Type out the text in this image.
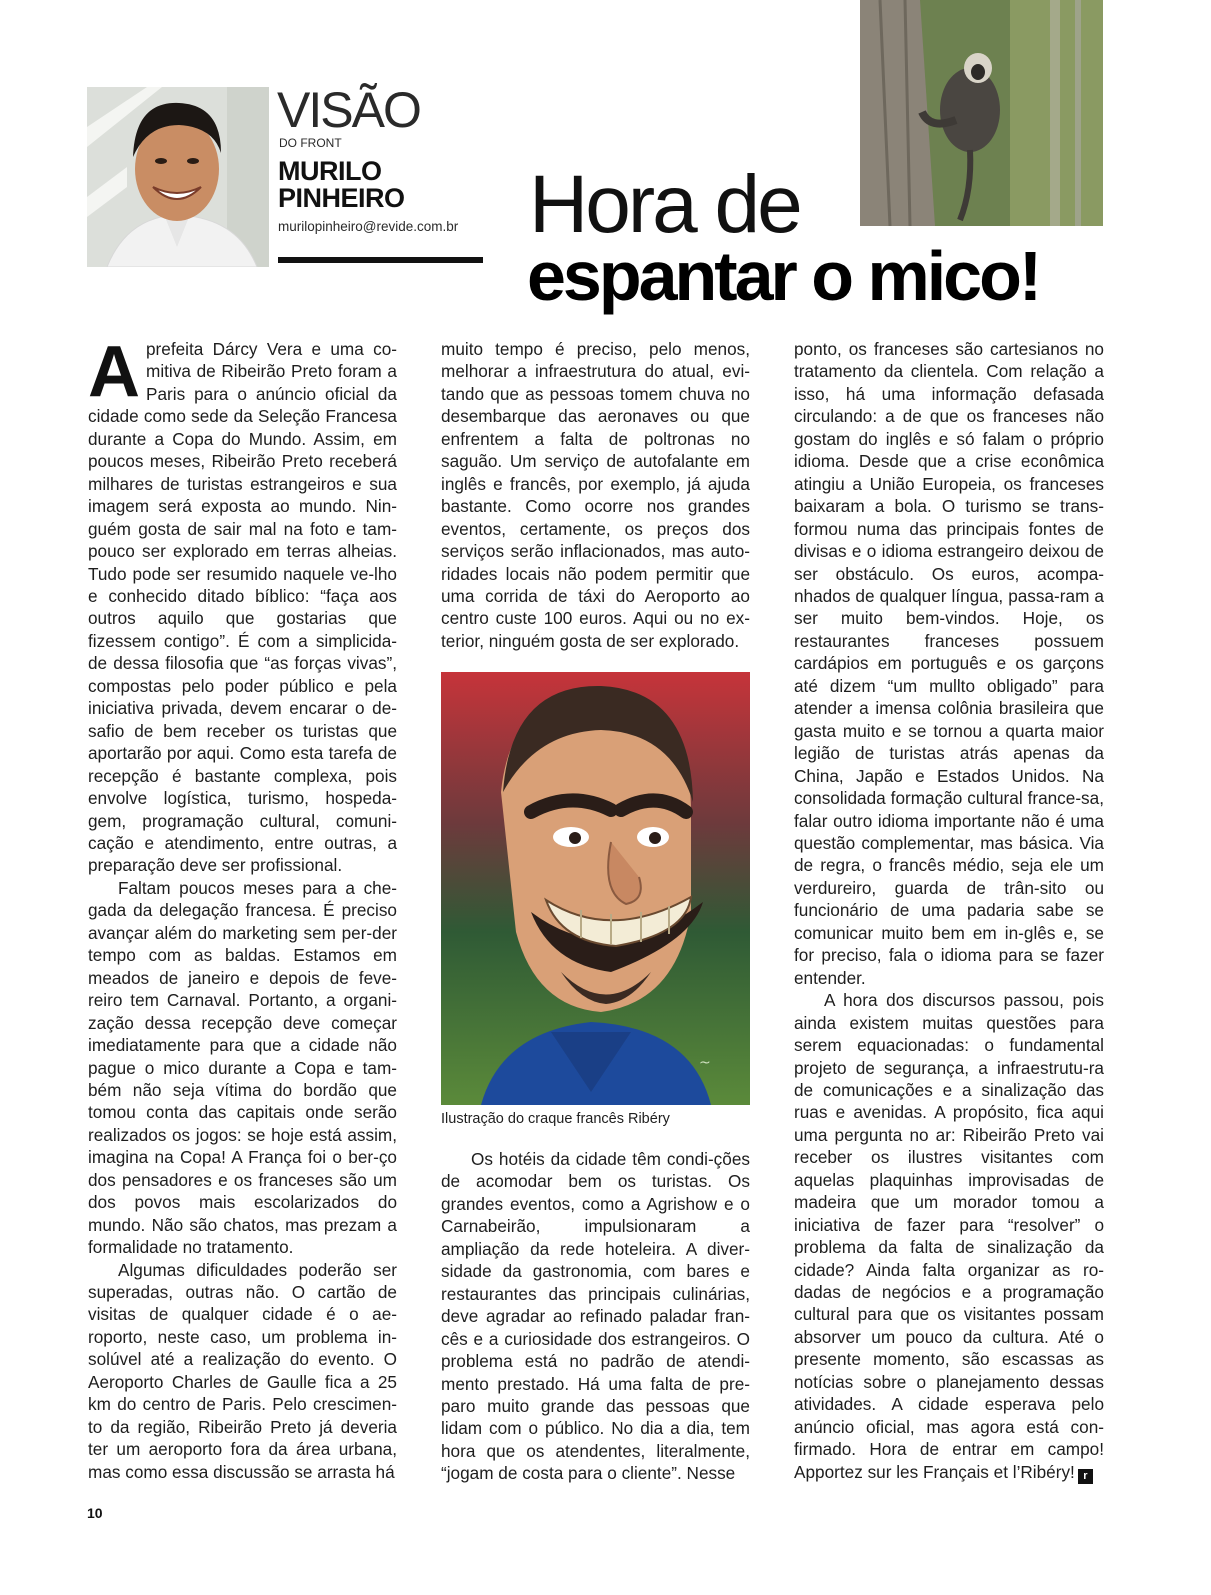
VISÃO
DO FRONT
MURILO
PINHEIRO
murilopinheiro@revide.com.br Hora de
espantar o mico!

Aprefeita Dárcy Vera e uma co-mitiva de Ribeirão Preto foram a Paris para o anúncio oficial da cidade como sede da Seleção Francesa durante a Copa do Mundo. Assim, em poucos meses, Ribeirão Preto receberá milhares de turistas estrangeiros e sua imagem será exposta ao mundo. Nin-guém gosta de sair mal na foto e tam-pouco ser explorado em terras alheias. Tudo pode ser resumido naquele ve-lho e conhecido ditado bíblico: “faça aos outros aquilo que gostarias que fizessem contigo”. É com a simplicida-de dessa filosofia que “as forças vivas”, compostas pelo poder público e pela iniciativa privada, devem encarar o de-safio de bem receber os turistas que aportarão por aqui. Como esta tarefa de recepção é bastante complexa, pois envolve logística, turismo, hospeda-gem, programação cultural, comuni-cação e atendimento, entre outras, a preparação deve ser profissional.

Faltam poucos meses para a che-gada da delegação francesa. É preciso avançar além do marketing sem per-der tempo com as baldas. Estamos em meados de janeiro e depois de feve-reiro tem Carnaval. Portanto, a organi-zação dessa recepção deve começar imediatamente para que a cidade não pague o mico durante a Copa e tam-bém não seja vítima do bordão que tomou conta das capitais onde serão realizados os jogos: se hoje está assim, imagina na Copa! A França foi o ber-ço dos pensadores e os franceses são um dos povos mais escolarizados do mundo. Não são chatos, mas prezam a formalidade no tratamento.

Algumas dificuldades poderão ser superadas, outras não. O cartão de visitas de qualquer cidade é o ae-roporto, neste caso, um problema in-solúvel até a realização do evento. O Aeroporto Charles de Gaulle fica a 25 km do centro de Paris. Pelo crescimen-to da região, Ribeirão Preto já deveria ter um aeroporto fora da área urbana, mas como essa discussão se arrasta há

muito tempo é preciso, pelo menos, melhorar a infraestrutura do atual, evi-tando que as pessoas tomem chuva no desembarque das aeronaves ou que enfrentem a falta de poltronas no saguão. Um serviço de autofalante em inglês e francês, por exemplo, já ajuda bastante. Como ocorre nos grandes eventos, certamente, os preços dos serviços serão inflacionados, mas auto-ridades locais não podem permitir que uma corrida de táxi do Aeroporto ao centro custe 100 euros. Aqui ou no ex-terior, ninguém gosta de ser explorado.

~
Ilustração do craque francês Ribéry

Os hotéis da cidade têm condi-ções de acomodar bem os turistas. Os grandes eventos, como a Agrishow e o Carnabeirão, impulsionaram a ampliação da rede hoteleira. A diver-sidade da gastronomia, com bares e restaurantes das principais culinárias, deve agradar ao refinado paladar fran-cês e a curiosidade dos estrangeiros. O problema está no padrão de atendi-mento prestado. Há uma falta de pre-paro muito grande das pessoas que lidam com o público. No dia a dia, tem hora que os atendentes, literalmente, “jogam de costa para o cliente”. Nesse

ponto, os franceses são cartesianos no tratamento da clientela. Com relação a isso, há uma informação defasada circulando: a de que os franceses não gostam do inglês e só falam o próprio idioma. Desde que a crise econômica atingiu a União Europeia, os franceses baixaram a bola. O turismo se trans-formou numa das principais fontes de divisas e o idioma estrangeiro deixou de ser obstáculo. Os euros, acompa-nhados de qualquer língua, passa-ram a ser muito bem-vindos. Hoje, os restaurantes franceses possuem cardápios em português e os garçons até dizem “um mullto obligado” para atender a imensa colônia brasileira que gasta muito e se tornou a quarta maior legião de turistas atrás apenas da China, Japão e Estados Unidos. Na consolidada formação cultural france-sa, falar outro idioma importante não é uma questão complementar, mas básica. Via de regra, o francês médio, seja ele um verdureiro, guarda de trân-sito ou funcionário de uma padaria sabe se comunicar muito bem em in-glês e, se for preciso, fala o idioma para se fazer entender.

A hora dos discursos passou, pois ainda existem muitas questões para serem equacionadas: o fundamental projeto de segurança, a infraestrutu-ra de comunicações e a sinalização das ruas e avenidas. A propósito, fica aqui uma pergunta no ar: Ribeirão Preto vai receber os ilustres visitantes com aquelas plaquinhas improvisadas de madeira que um morador tomou a iniciativa de fazer para “resolver” o problema da falta de sinalização da cidade? Ainda falta organizar as ro-dadas de negócios e a programação cultural para que os visitantes possam absorver um pouco da cultura. Até o presente momento, são escassas as notícias sobre o planejamento dessas atividades. A cidade esperava pelo anúncio oficial, mas agora está con-firmado. Hora de entrar em campo! Apportez sur les Français et l’Ribéry! r

10
